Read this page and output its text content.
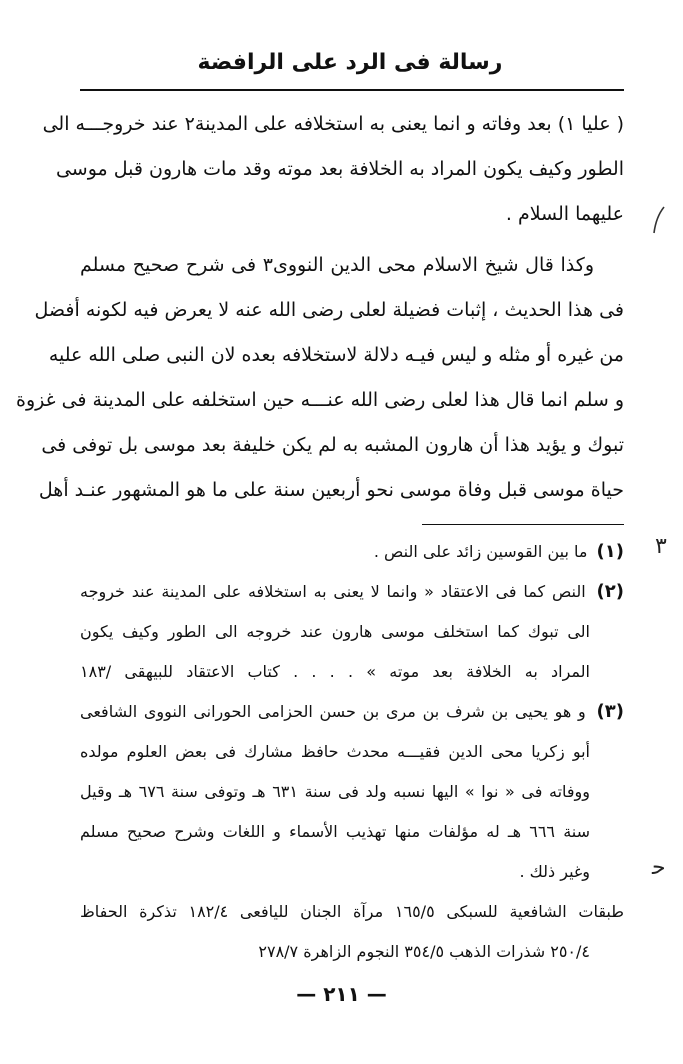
رسالة فى الرد على الرافضة
( عليا ١) بعد وفاته و انما يعنى به استخلافه على المدينة٢ عند خروجـــه الى
الطور وكيف يكون المراد به الخلافة بعد موته وقد مات هارون قبل موسى
عليهما السلام .
وكذا قال شيخ الاسلام محى الدين النووى٣ فى شرح صحيح مسلم
فى هذا الحديث ، إثبات فضيلة لعلى رضى الله عنه لا يعرض فيه لكونه أفضل
من غيره أو مثله و ليس فيـه دلالة لاستخلافه بعده لان النبى صلى الله عليه
و سلم انما قال هذا لعلى رضى الله عنـــه حين استخلفه على المدينة فى غزوة
تبوك و يؤيد هذا أن هارون المشبه به لم يكن خليفة بعد موسى بل توفى فى
حياة موسى قبل وفاة موسى نحو أربعين سنة على ما هو المشهور عنـد أهل
(١) ما بين القوسين زائد على النص .
(٢) النص كما فى الاعتقاد « وانما لا يعنى به استخلافه على المدينة عند خروجه
الى تبوك كما استخلف موسى هارون عند خروجه الى الطور وكيف يكون
المراد به الخلافة بعد موته » . . . . كتاب الاعتقاد للبيهقى /١٨٣
(٣) و هو يحيى بن شرف بن مرى بن حسن الحزامى الحورانى النووى الشافعى
أبو زكريا محى الدين فقيـــه محدث حافظ مشارك فى بعض العلوم مولده
ووفاته فى « نوا » اليها نسبه ولد فى سنة ٦٣١ هـ وتوفى سنة ٦٧٦ هـ وقيل
سنة ٦٦٦ هـ له مؤلفات منها تهذيب الأسماء و اللغات وشرح صحيح مسلم
وغير ذلك .
طبقات الشافعية للسبكى ١٦٥/٥ مرآة الجنان لليافعى ١٨٢/٤ تذكرة الحفاظ
٢٥٠/٤ شذرات الذهب ٣٥٤/٥ النجوم الزاهرة ٢٧٨/٧
— ٢١١ —
٣
ﺣ
